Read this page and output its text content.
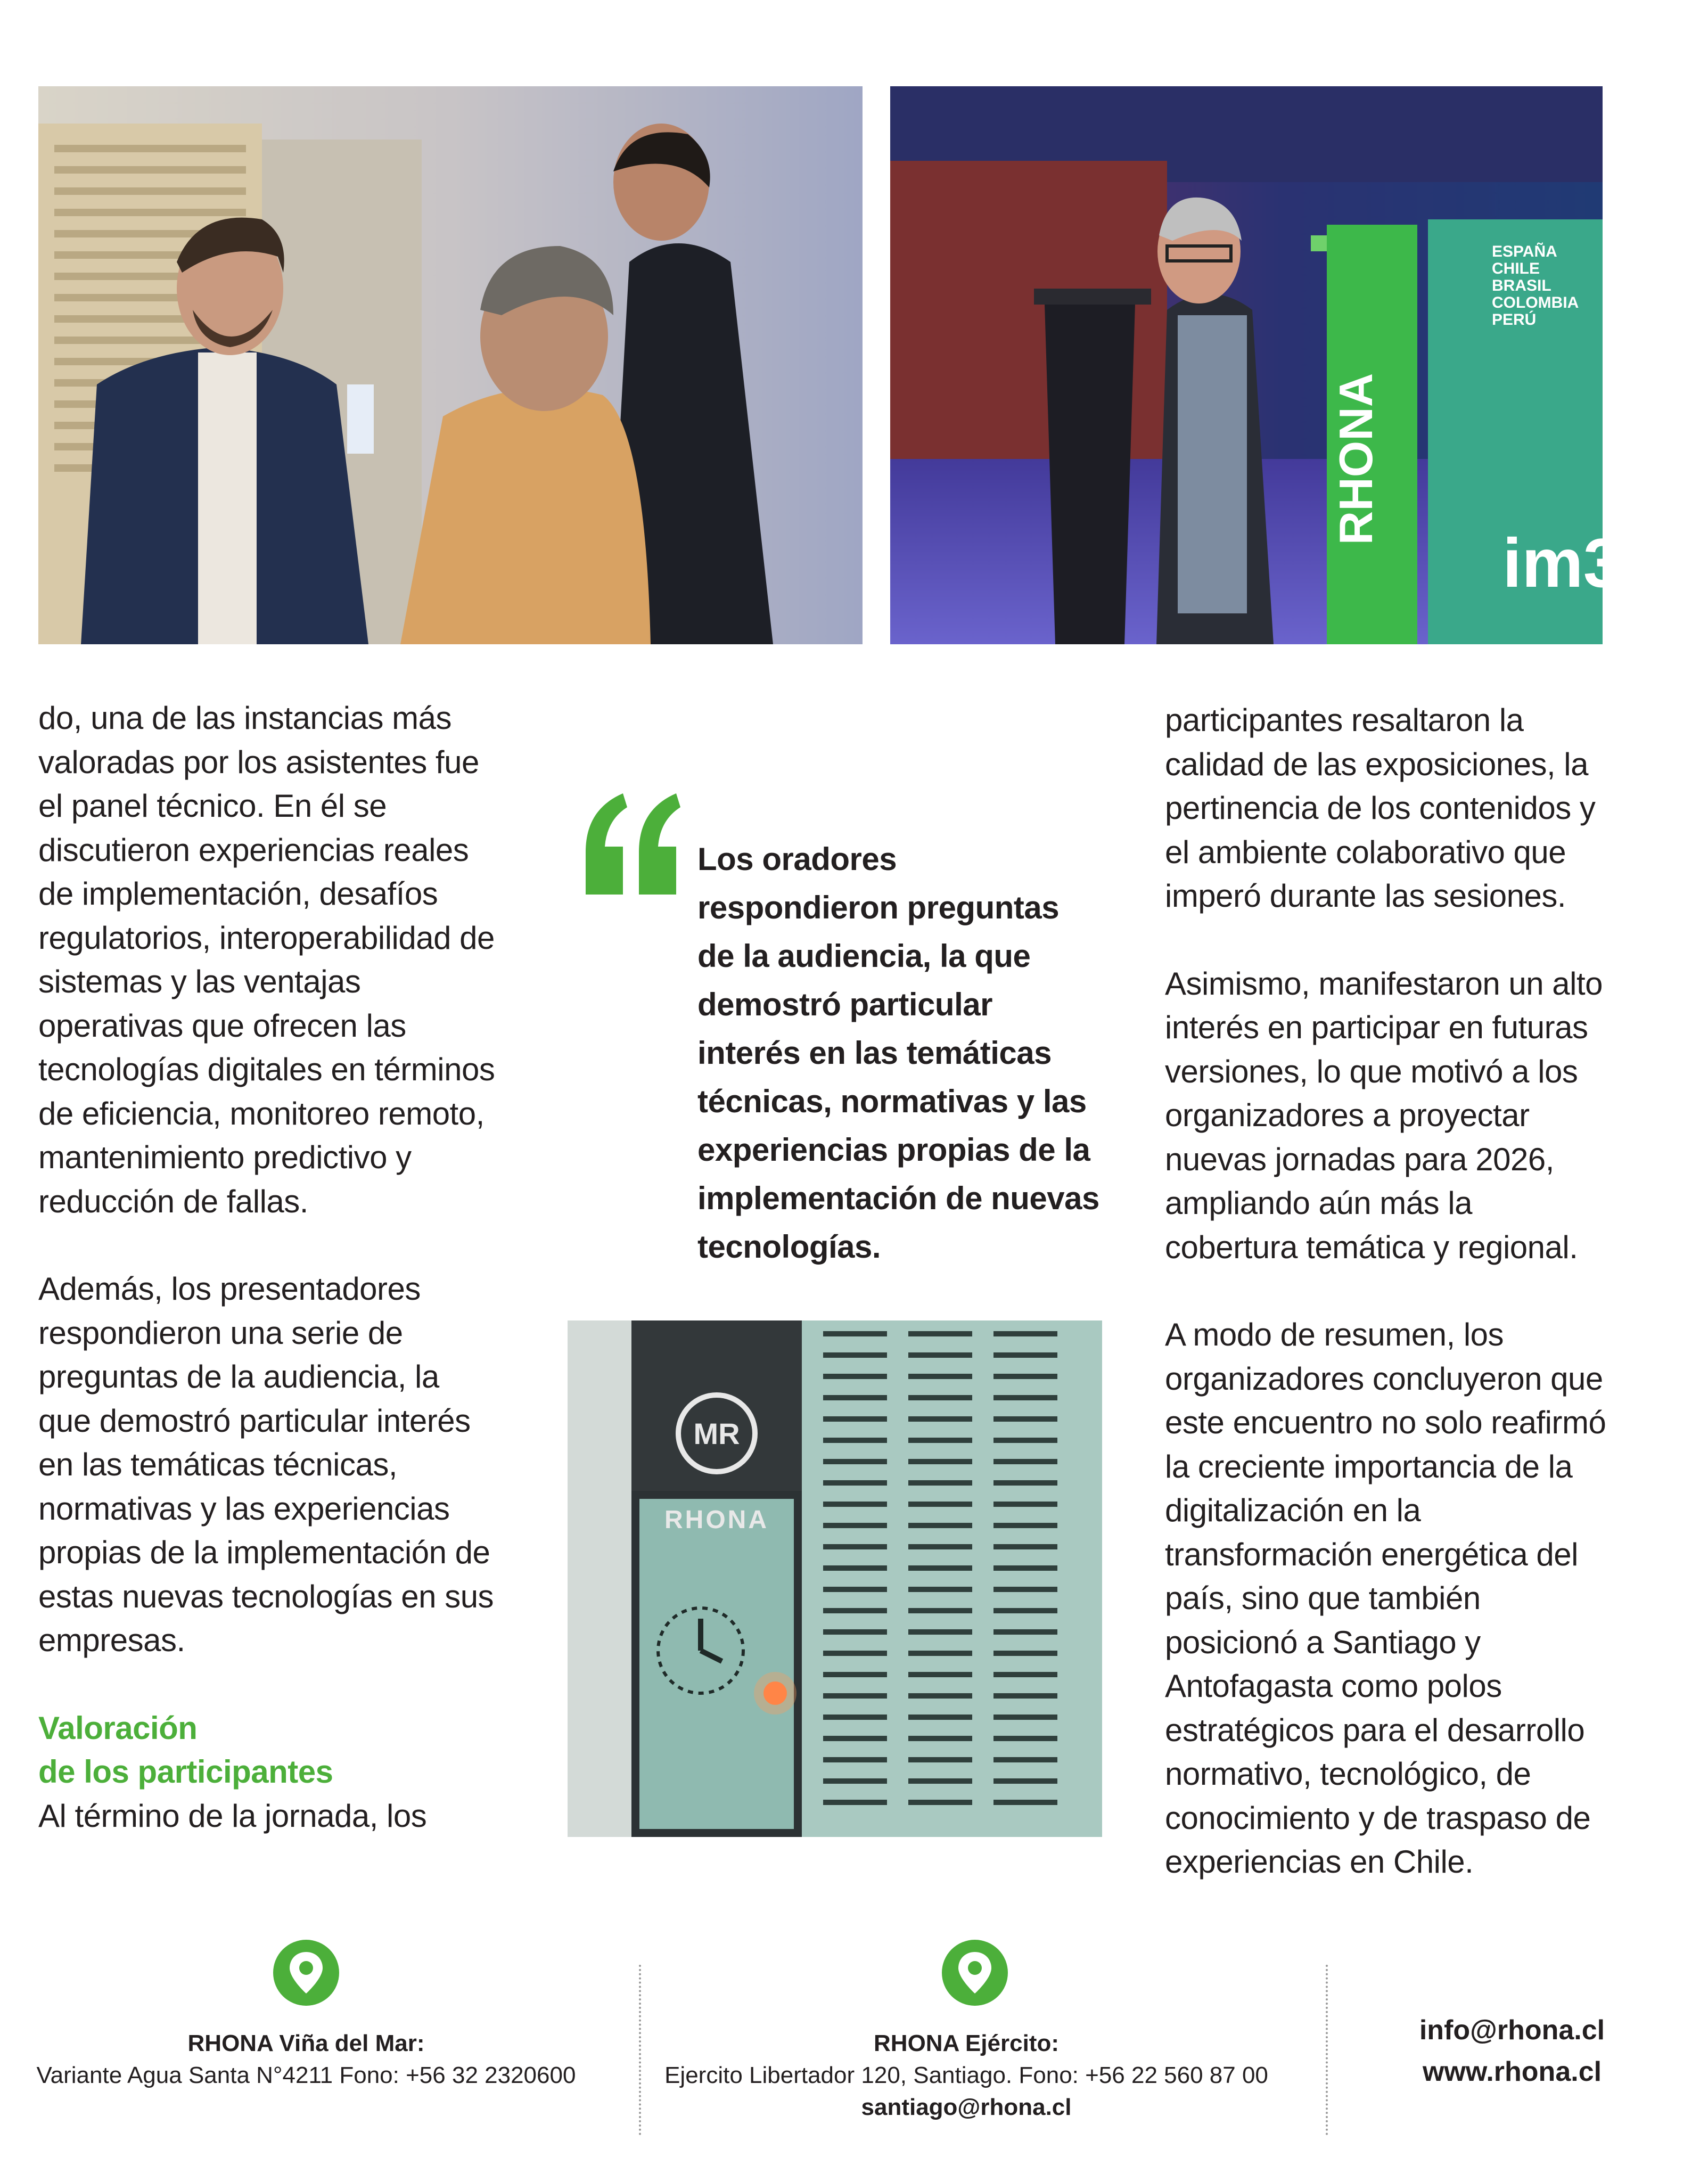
RHONA
ESPAÑA
CHILE
BRASIL
COLOMBIA
PERÚ
im3

do, una de las instancias más valoradas por los asistentes fue el panel técnico. En él se discutieron experiencias reales de implementación, desafíos regulatorios, interoperabilidad de sistemas y las ventajas operativas que ofrecen las tecnologías digitales en términos de eficiencia, monitoreo remoto, mantenimiento predictivo y reducción de fallas.

Además, los presentadores respondieron una serie de preguntas de la audiencia, la que demostró particular interés en las temáticas técnicas, normativas y las experiencias propias de la implementación de estas nuevas tecnologías en sus empresas.

Valoración

de los participantes

Al término de la jornada, los

Los oradores respondieron preguntas de la audiencia, la que demostró particular interés en las temáticas técnicas, normativas y las experiencias propias de la implementación de nuevas tecnologías.

MR
RHONA

participantes resaltaron la calidad de las exposiciones, la pertinencia de los contenidos y el ambiente colaborativo que imperó durante las sesiones.

Asimismo, manifestaron un alto interés en participar en futuras versiones, lo que motivó a los organizadores a proyectar nuevas jornadas para 2026, ampliando aún más la cobertura temática y regional.

A modo de resumen, los organizadores concluyeron que este encuentro no solo reafirmó la creciente importancia de la digitalización en la transformación energética del país, sino que también posicionó a Santiago y Antofagasta como polos estratégicos para el desarrollo normativo, tecnológico, de conocimiento y de traspaso de experiencias en Chile.

RHONA Viña del Mar:
Variante Agua Santa N°4211 Fono: +56 32 2320600
RHONA Ejército:
Ejercito Libertador 120, Santiago. Fono: +56 22 560 87 00
santiago@rhona.cl
info@rhona.cl
www.rhona.cl
